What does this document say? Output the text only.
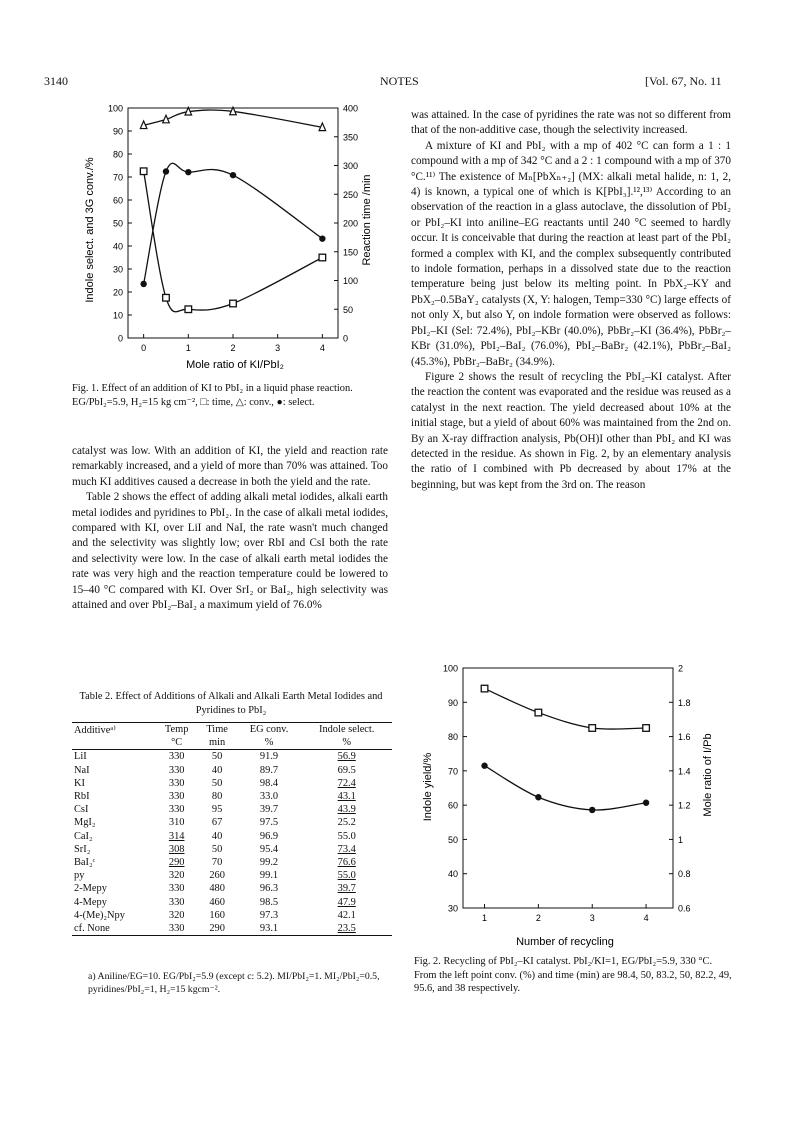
3140	NOTES	[Vol. 67, No. 11
Indole select. and 3G conv./%	Reaction time /min
Mole ratio of KI/PbI₂
0
10
20
30
40
50
60
70
80
90
100
0
50
100
150
200
250
300
350
400
0	1	2	3	4
Fig. 1. Effect of an addition of KI to PbI₂ in a liquid phase reaction. EG/PbI₂=5.9, H₂=15 kg cm⁻², □: time, △: conv., ●: select.

catalyst was low. With an addition of KI, the yield and reaction rate remarkably increased, and a yield of more than 70% was attained. Too much KI additives caused a decrease in both the yield and the rate.

Table 2 shows the effect of adding alkali metal iodides, alkali earth metal iodides and pyridines to PbI₂. In the case of alkali metal iodides, compared with KI, over LiI and NaI, the rate wasn't much changed and the selectivity was slightly low; over RbI and CsI both the rate and selectivity were low. In the case of alkali earth metal iodides the rate was very high and the reaction temperature could be lowered to 15–40 °C compared with KI. Over SrI₂ or BaI₂, high selectivity was attained and over PbI₂–BaI₂ a maximum yield of 76.0%

Table 2. Effect of Additions of Alkali and Alkali Earth Metal Iodides and Pyridines to PbI₂
Additiveᵃ⁾	Temp	Time	EG conv.	Indole select.
	°C	min	%	%
LiI	330	50	91.9	56.9
NaI	330	40	89.7	69.5
KI	330	50	98.4	72.4
RbI	330	80	33.0	43.1
CsI	330	95	39.7	43.9
MgI₂	310	67	97.5	25.2
CaI₂	314	40	96.9	55.0
SrI₂	308	50	95.4	73.4
BaI₂ᶜ	290	70	99.2	76.6
py	320	260	99.1	55.0
2-Mepy	330	480	96.3	39.7
4-Mepy	330	460	98.5	47.9
4-(Me)₂Npy	320	160	97.3	42.1
cf. None	330	290	93.1	23.5
a) Aniline/EG=10. EG/PbI₂=5.9 (except c: 5.2). MI/PbI₂=1. MI₂/PbI₂=0.5, pyridines/PbI₂=1, H₂=15 kgcm⁻².

was attained. In the case of pyridines the rate was not so different from that of the non-additive case, though the selectivity increased.

A mixture of KI and PbI₂ with a mp of 402 °C can form a 1 : 1 compound with a mp of 342 °C and a 2 : 1 compound with a mp of 370 °C.¹¹⁾ The existence of Mₙ[PbXₙ₊₂] (MX: alkali metal halide, n: 1, 2, 4) is known, a typical one of which is K[PbI₃].¹²,¹³⁾ According to an observation of the reaction in a glass autoclave, the dissolution of PbI₂ or PbI₂–KI into aniline–EG reactants until 240 °C seemed to hardly occur. It is conceivable that during the reaction at least part of the PbI₂ formed a complex with KI, and the complex subsequently contributed to indole formation, perhaps in a dissolved state due to the reaction temperature being just below its melting point. In PbX₂–KY and PbX₂–0.5BaY₂ catalysts (X, Y: halogen, Temp=330 °C) large effects of not only X, but also Y, on indole formation were observed as follows: PbI₂–KI (Sel: 72.4%), PbI₂–KBr (40.0%), PbBr₂–KI (36.4%), PbBr₂–KBr (31.0%), PbI₂–BaI₂ (76.0%), PbI₂–BaBr₂ (42.1%), PbBr₂–BaI₂ (45.3%), PbBr₂–BaBr₂ (34.9%).

Figure 2 shows the result of recycling the PbI₂–KI catalyst. After the reaction the content was evaporated and the residue was reused as a catalyst in the next reaction. The yield decreased about 10% at the initial stage, but a yield of about 60% was maintained from the 2nd on. By an X-ray diffraction analysis, Pb(OH)I other than PbI₂ and KI was detected in the residue. As shown in Fig. 2, by an elementary analysis the ratio of I combined with Pb decreased by about 17% at the beginning, but was kept from the 3rd on. The reason

Indole yield/%	Mole ratio of I/Pb
Number of recycling
30
40
50
60
70
80
90
100
0.6
0.8
1
1.2
1.4
1.6
1.8
2
1	2	3	4
Fig. 2. Recycling of PbI₂–KI catalyst. PbI₂/KI=1, EG/PbI₂=5.9, 330 °C. From the left point conv. (%) and time (min) are 98.4, 50, 83.2, 50, 82.2, 49, 95.6, and 38 respectively.
